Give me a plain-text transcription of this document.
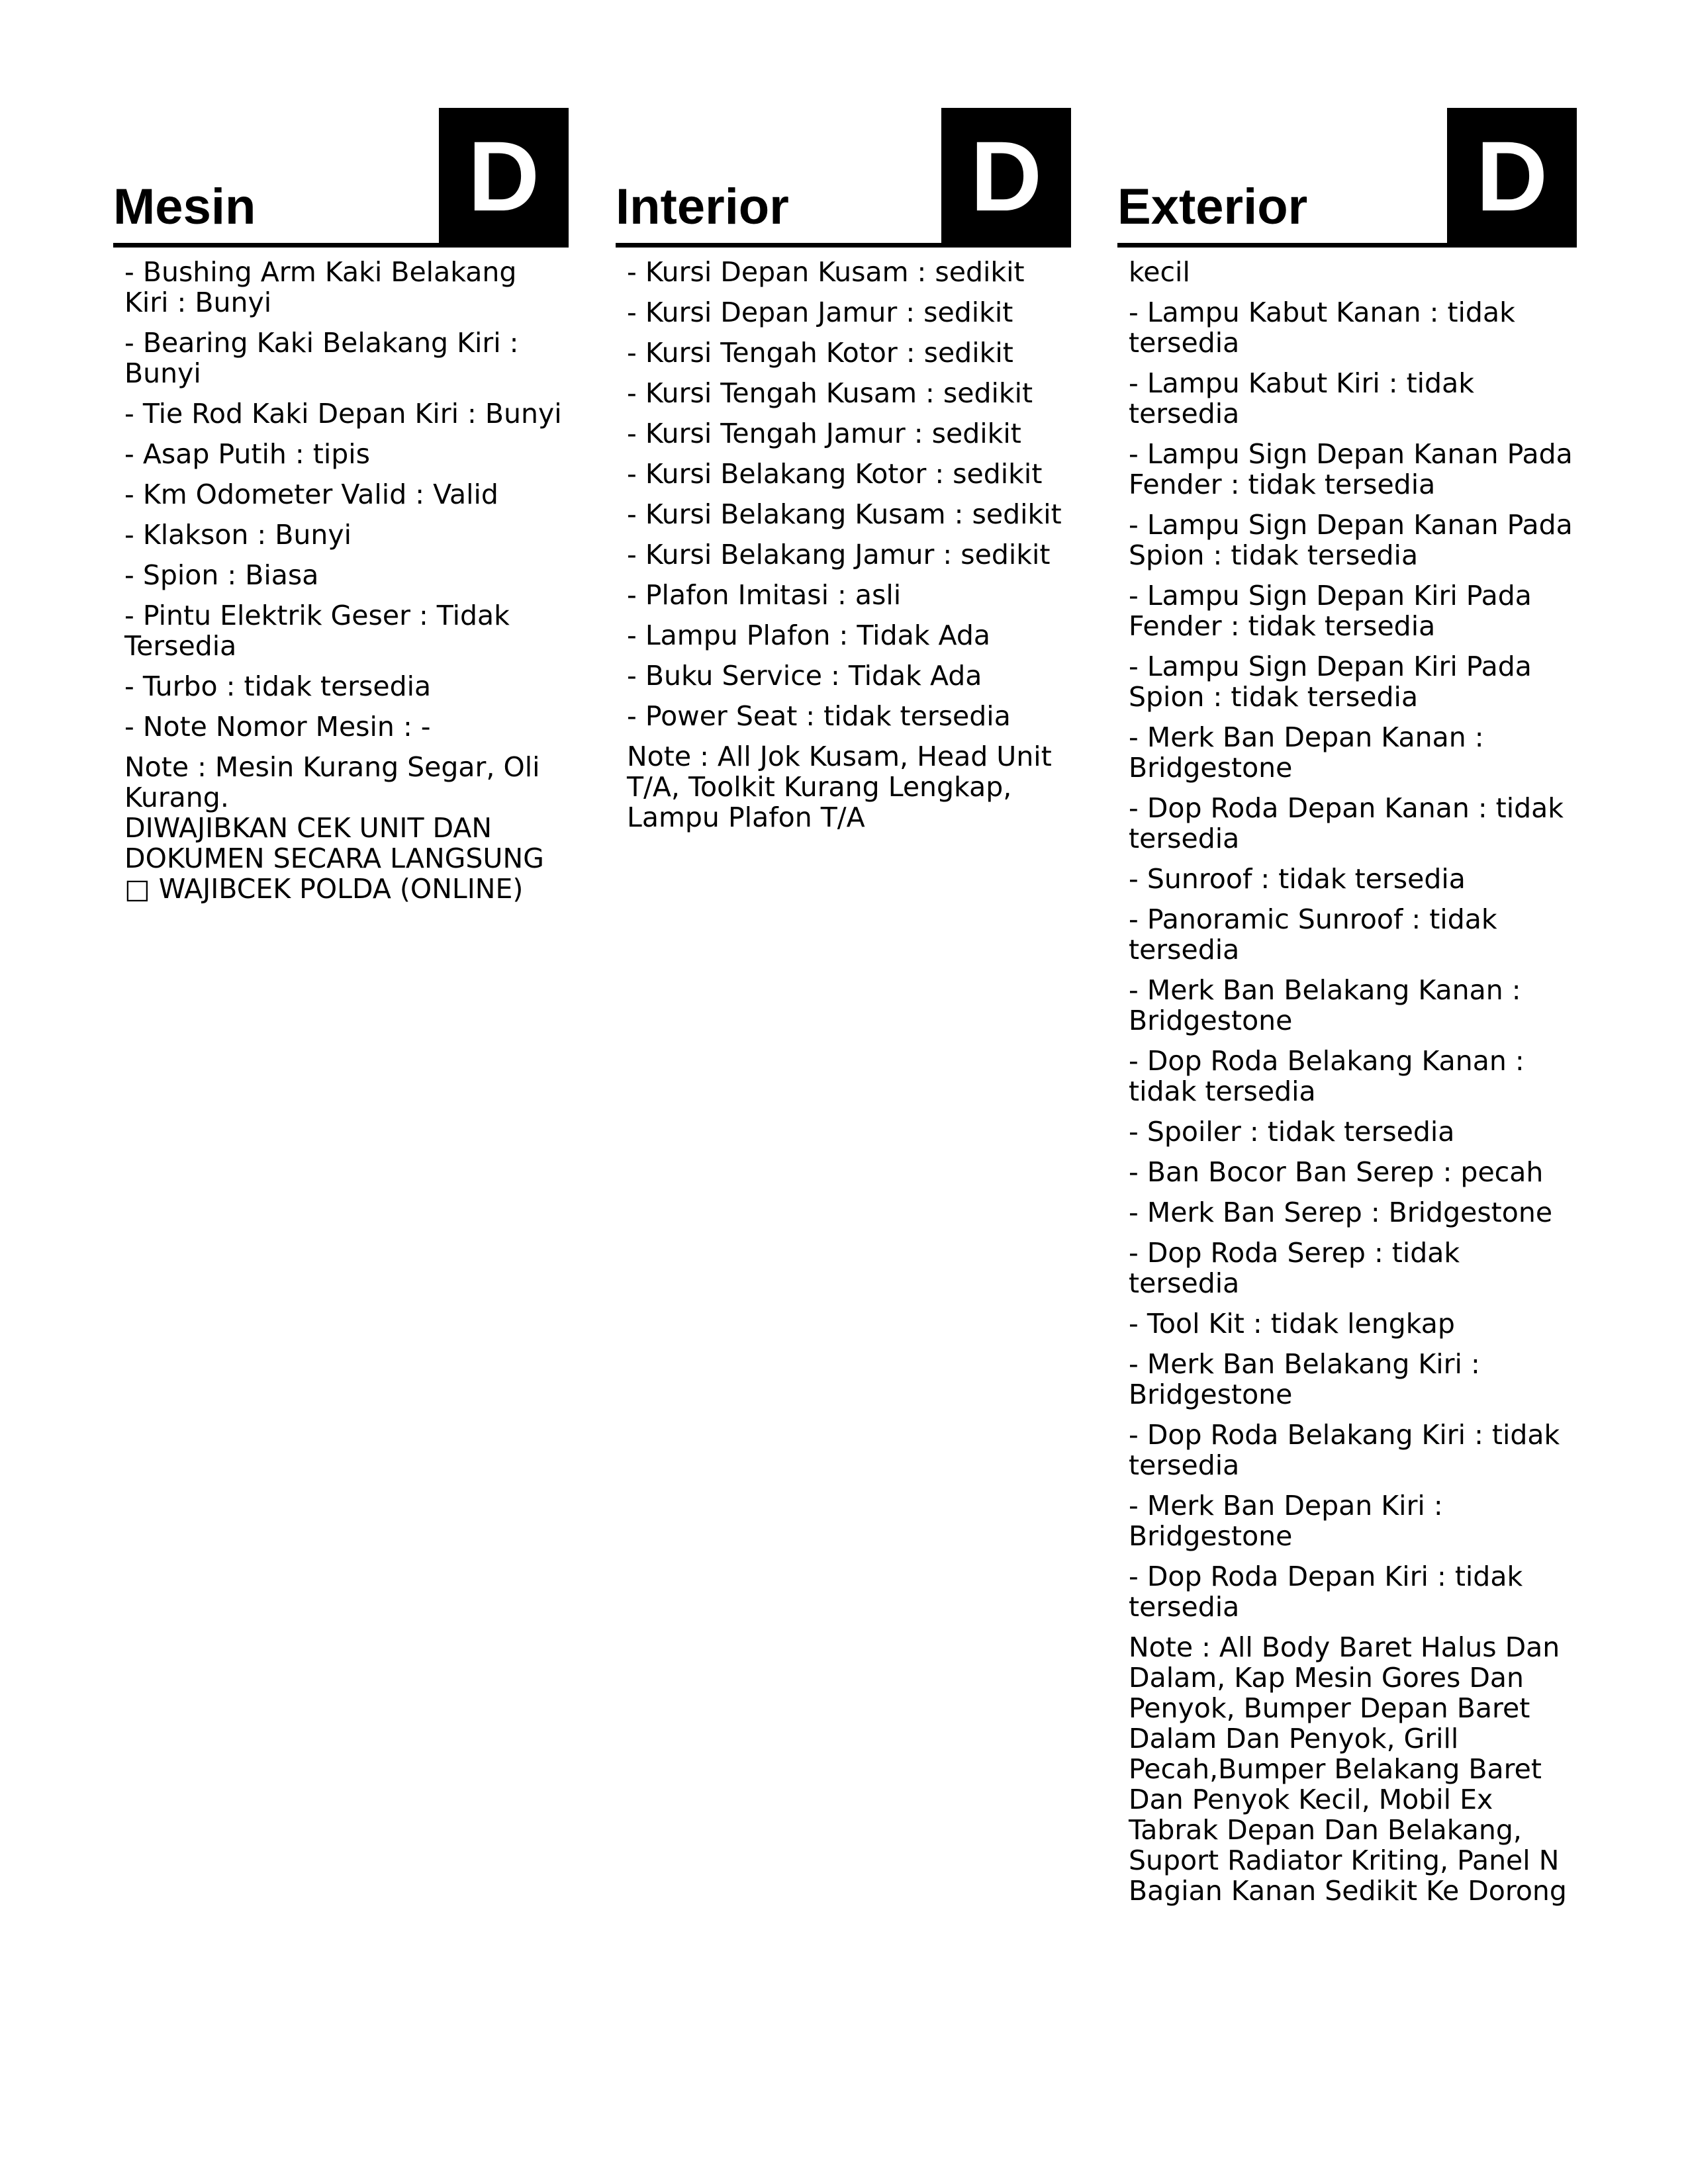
Mesin D
- Bushing Arm Kaki Belakang Kiri : Bunyi
- Bearing Kaki Belakang Kiri : Bunyi
- Tie Rod Kaki Depan Kiri : Bunyi
- Asap Putih : tipis
- Km Odometer Valid : Valid
- Klakson : Bunyi
- Spion : Biasa
- Pintu Elektrik Geser : Tidak Tersedia
- Turbo : tidak tersedia
- Note Nomor Mesin : -

Note : Mesin Kurang Segar, Oli Kurang.
DIWAJIBKAN CEK UNIT DAN DOKUMEN SECARA LANGSUNG
□ WAJIBCEK POLDA (ONLINE)

Interior D
- Kursi Depan Kusam : sedikit
- Kursi Depan Jamur : sedikit
- Kursi Tengah Kotor : sedikit
- Kursi Tengah Kusam : sedikit
- Kursi Tengah Jamur : sedikit
- Kursi Belakang Kotor : sedikit
- Kursi Belakang Kusam : sedikit
- Kursi Belakang Jamur : sedikit
- Plafon Imitasi : asli
- Lampu Plafon : Tidak Ada
- Buku Service : Tidak Ada
- Power Seat : tidak tersedia

Note : All Jok Kusam, Head Unit T/A, Toolkit Kurang Lengkap, Lampu Plafon T/A

Exterior D
kecil
- Lampu Kabut Kanan : tidak tersedia
- Lampu Kabut Kiri : tidak tersedia
- Lampu Sign Depan Kanan Pada Fender : tidak tersedia
- Lampu Sign Depan Kanan Pada Spion : tidak tersedia
- Lampu Sign Depan Kiri Pada Fender : tidak tersedia
- Lampu Sign Depan Kiri Pada Spion : tidak tersedia
- Merk Ban Depan Kanan : Bridgestone
- Dop Roda Depan Kanan : tidak tersedia
- Sunroof : tidak tersedia
- Panoramic Sunroof : tidak tersedia
- Merk Ban Belakang Kanan : Bridgestone
- Dop Roda Belakang Kanan : tidak tersedia
- Spoiler : tidak tersedia
- Ban Bocor Ban Serep : pecah
- Merk Ban Serep : Bridgestone
- Dop Roda Serep : tidak tersedia
- Tool Kit : tidak lengkap
- Merk Ban Belakang Kiri : Bridgestone
- Dop Roda Belakang Kiri : tidak tersedia
- Merk Ban Depan Kiri : Bridgestone
- Dop Roda Depan Kiri : tidak tersedia

Note : All Body Baret Halus Dan Dalam, Kap Mesin Gores Dan Penyok, Bumper Depan Baret Dalam Dan Penyok, Grill Pecah,Bumper Belakang Baret Dan Penyok Kecil, Mobil Ex Tabrak Depan Dan Belakang, Suport Radiator Kriting, Panel N Bagian Kanan Sedikit Ke Dorong
